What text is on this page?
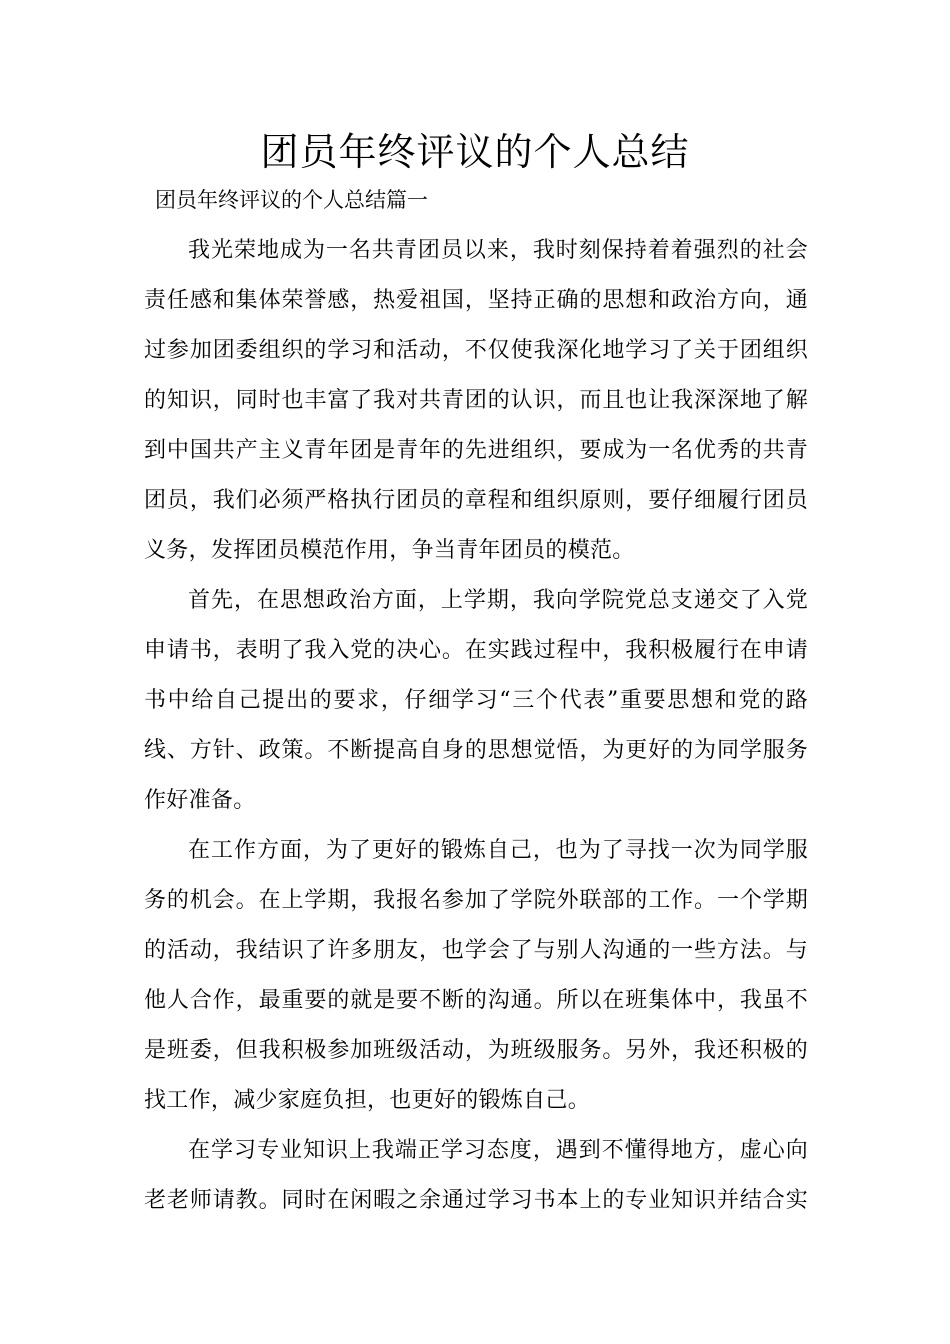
团员年终评议的个人总结

团员年终评议的个人总结篇一

我光荣地成为一名共青团员以来，我时刻保持着着强烈的社会
责任感和集体荣誉感，热爱祖国，坚持正确的思想和政治方向，通
过参加团委组织的学习和活动，不仅使我深化地学习了关于团组织
的知识，同时也丰富了我对共青团的认识，而且也让我深深地了解
到中国共产主义青年团是青年的先进组织，要成为一名优秀的共青
团员，我们必须严格执行团员的章程和组织原则，要仔细履行团员
义务，发挥团员模范作用，争当青年团员的模范。

首先，在思想政治方面，上学期，我向学院党总支递交了入党
申请书，表明了我入党的决心。在实践过程中，我积极履行在申请
书中给自己提出的要求，仔细学习“三个代表”重要思想和党的路
线、方针、政策。不断提高自身的思想觉悟，为更好的为同学服务
作好准备。

在工作方面，为了更好的锻炼自己，也为了寻找一次为同学服
务的机会。在上学期，我报名参加了学院外联部的工作。一个学期
的活动，我结识了许多朋友，也学会了与别人沟通的一些方法。与
他人合作，最重要的就是要不断的沟通。所以在班集体中，我虽不
是班委，但我积极参加班级活动，为班级服务。另外，我还积极的
找工作，减少家庭负担，也更好的锻炼自己。

在学习专业知识上我端正学习态度，遇到不懂得地方，虚心向
老老师请教。同时在闲暇之余通过学习书本上的专业知识并结合实
